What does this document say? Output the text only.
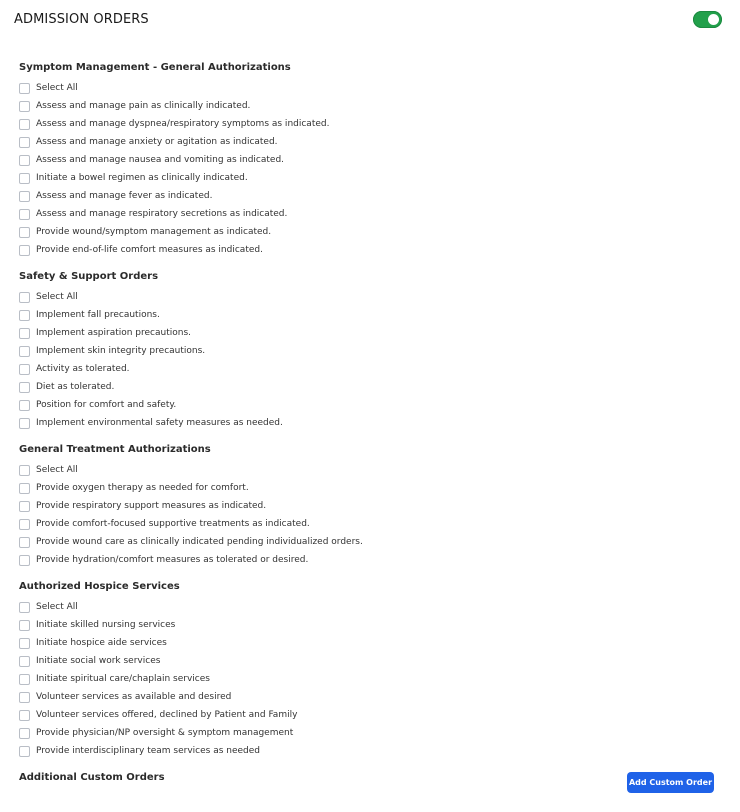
ADMISSION ORDERS
Symptom Management - General Authorizations
Select All
Assess and manage pain as clinically indicated.
Assess and manage dyspnea/respiratory symptoms as indicated.
Assess and manage anxiety or agitation as indicated.
Assess and manage nausea and vomiting as indicated.
Initiate a bowel regimen as clinically indicated.
Assess and manage fever as indicated.
Assess and manage respiratory secretions as indicated.
Provide wound/symptom management as indicated.
Provide end-of-life comfort measures as indicated.
Safety & Support Orders
Select All
Implement fall precautions.
Implement aspiration precautions.
Implement skin integrity precautions.
Activity as tolerated.
Diet as tolerated.
Position for comfort and safety.
Implement environmental safety measures as needed.
General Treatment Authorizations
Select All
Provide oxygen therapy as needed for comfort.
Provide respiratory support measures as indicated.
Provide comfort-focused supportive treatments as indicated.
Provide wound care as clinically indicated pending individualized orders.
Provide hydration/comfort measures as tolerated or desired.
Authorized Hospice Services
Select All
Initiate skilled nursing services
Initiate hospice aide services
Initiate social work services
Initiate spiritual care/chaplain services
Volunteer services as available and desired
Volunteer services offered, declined by Patient and Family
Provide physician/NP oversight & symptom management
Provide interdisciplinary team services as needed
Additional Custom Orders	Add Custom Order
